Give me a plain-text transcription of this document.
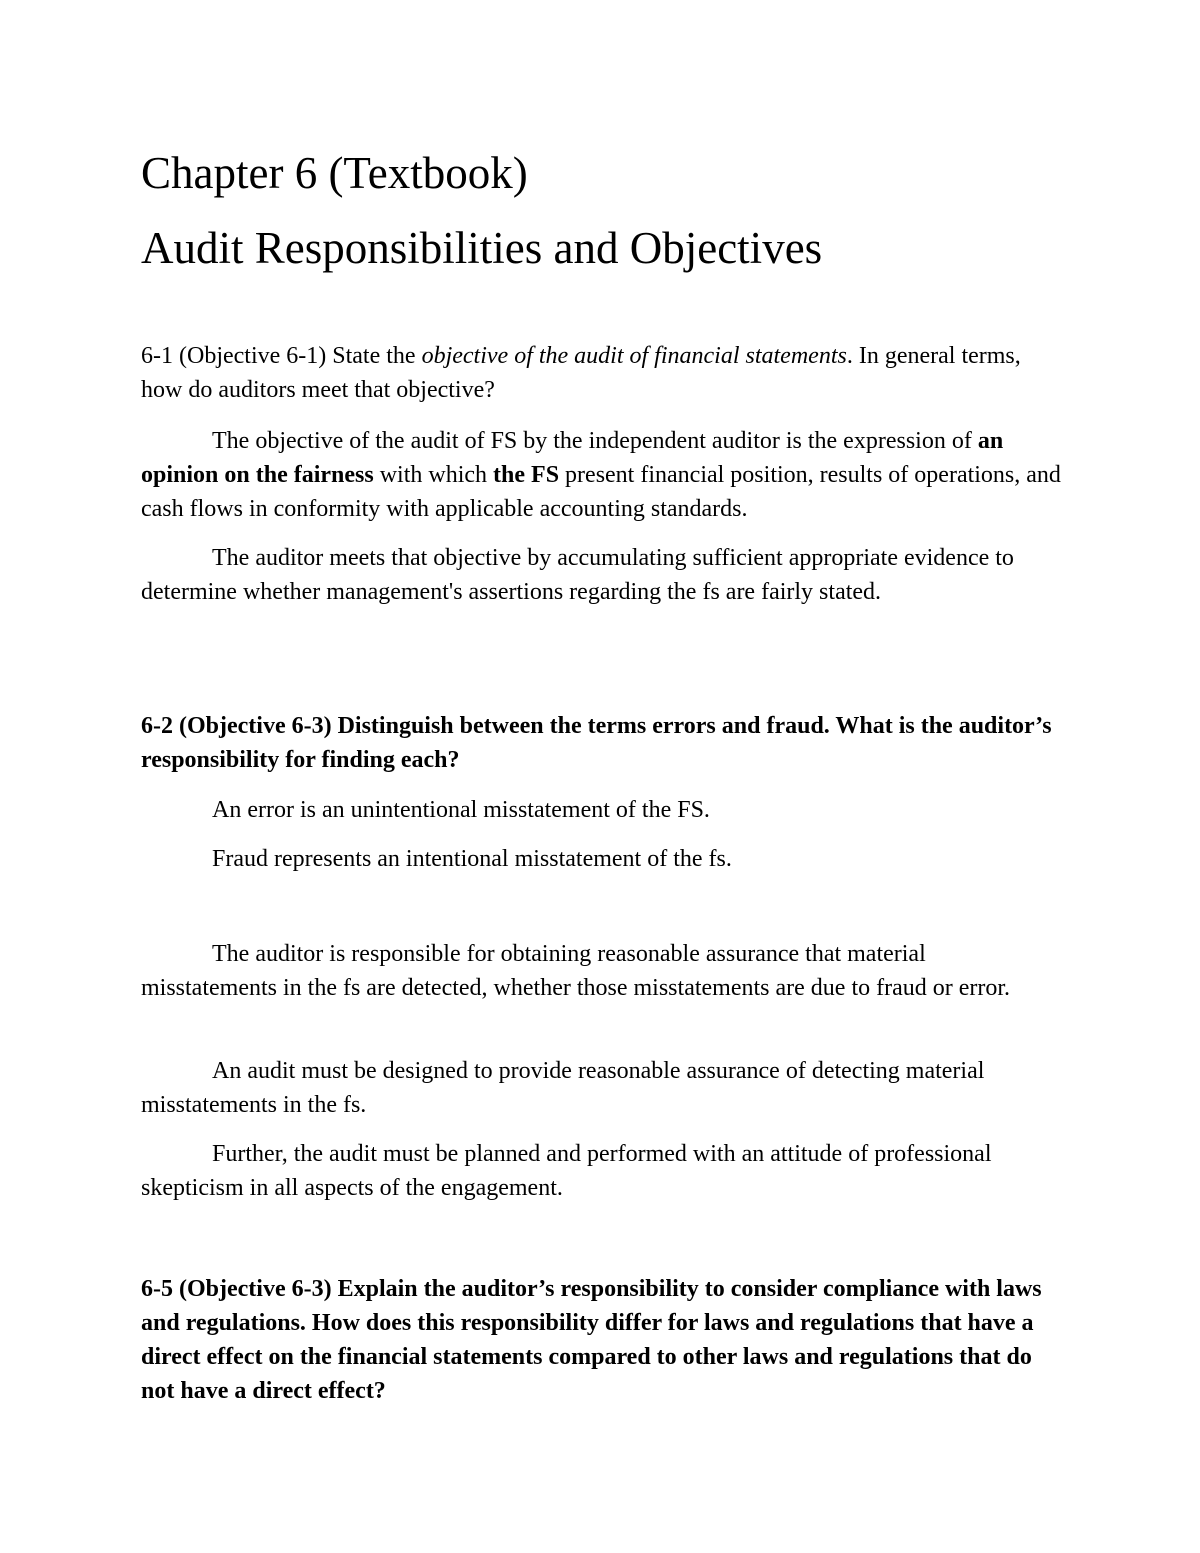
Chapter 6 (Textbook)
Audit Responsibilities and Objectives

6-1 (Objective 6-1) State the objective of the audit of financial statements. In general terms, how do auditors meet that objective?

The objective of the audit of FS by the independent auditor is the expression of an opinion on the fairness with which the FS present financial position, results of operations, and cash flows in conformity with applicable accounting standards.

The auditor meets that objective by accumulating sufficient appropriate evidence to determine whether management's assertions regarding the fs are fairly stated.

6-2 (Objective 6-3) Distinguish between the terms errors and fraud. What is the auditor’s responsibility for finding each?

An error is an unintentional misstatement of the FS.

Fraud represents an intentional misstatement of the fs.

The auditor is responsible for obtaining reasonable assurance that material misstatements in the fs are detected, whether those misstatements are due to fraud or error.

An audit must be designed to provide reasonable assurance of detecting material misstatements in the fs.

Further, the audit must be planned and performed with an attitude of professional skepticism in all aspects of the engagement.

6-5 (Objective 6-3) Explain the auditor’s responsibility to consider compliance with laws and regulations. How does this responsibility differ for laws and regulations that have a direct effect on the financial statements compared to other laws and regulations that do not have a direct effect?
